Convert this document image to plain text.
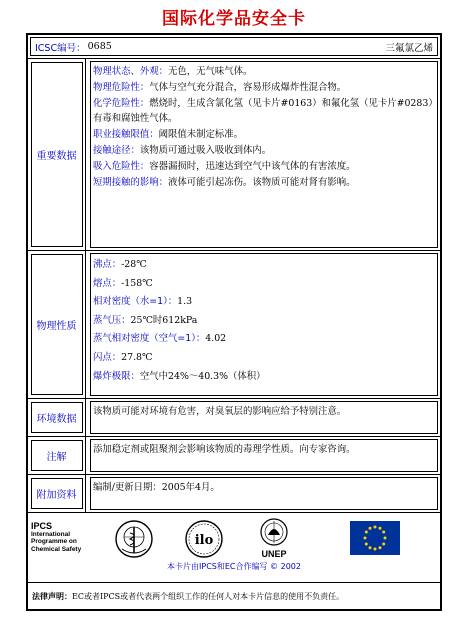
国际化学品安全卡
ICSC编号： 0685	三氟氯乙烯
重要数据

物理状态、外观：无色，无气味气体。

物理危险性：气体与空气充分混合，容易形成爆炸性混合物。

化学危险性：燃烧时，生成含氯化氢（见卡片#0163）和氟化氢（见卡片#0283）有毒和腐蚀性气体。

职业接触限值：阈限值未制定标准。

接触途径：该物质可通过吸入吸收到体内。

吸入危险性：容器漏损时，迅速达到空气中该气体的有害浓度。

短期接触的影响：液体可能引起冻伤。该物质可能对肾有影响。

物理性质

沸点：-28℃

熔点：-158℃

相对密度（水=1）：1.3

蒸气压：25℃时612kPa

蒸气相对密度（空气=1）：4.02

闪点：27.8℃

爆炸极限：空气中24%～40.3%（体积）

环境数据
该物质可能对环境有危害，对臭氧层的影响应给予特别注意。
注解
添加稳定剂或阻聚剂会影响该物质的毒理学性质。向专家咨询。
附加资料
编制/更新日期：2005年4月。
IPCS
International
Programme on
Chemical Safety
ilo
UNEP
本卡片由IPCS和EC合作编写 © 2002
法律声明： EC或者IPCS或者代表两个组织工作的任何人对本卡片信息的使用不负责任。
